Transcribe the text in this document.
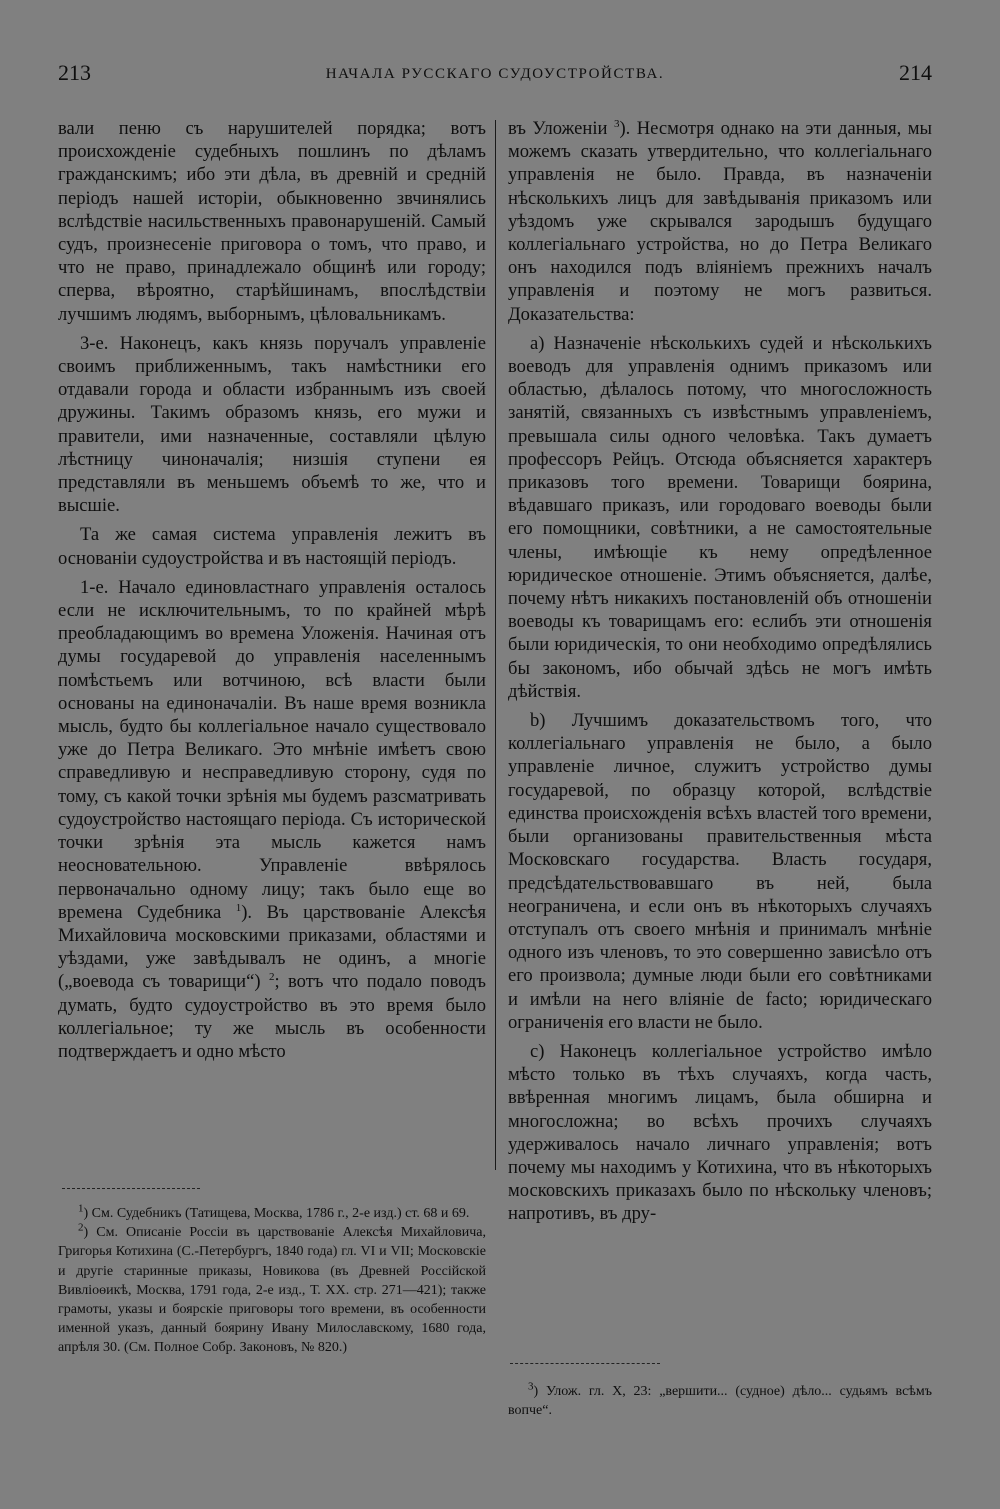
213	НАЧАЛА РУССКАГО СУДОУСТРОЙСТВА.	214

вали пеню съ нарушителей порядка; вотъ происхожденіе судебныхъ пошлинъ по дѣламъ гражданскимъ; ибо эти дѣла, въ древній и средній періодъ нашей исторіи, обыкновенно звчинялись вслѣдствіе насильственныхъ правонарушеній. Самый судъ, произнесеніе приговора о томъ, что право, и что не право, принадлежало общинѣ или городу; сперва, вѣроятно, старѣйшинамъ, впослѣдствіи лучшимъ людямъ, выборнымъ, цѣловальникамъ.

3-е. Наконецъ, какъ князь поручалъ управленіе своимъ приближеннымъ, такъ намѣстники его отдавали города и области избраннымъ изъ своей дружины. Такимъ образомъ князь, его мужи и правители, ими назначенные, составляли цѣлую лѣстницу чиноначалія; низшія ступени ея представляли въ меньшемъ объемѣ то же, что и высшіе.

Та же самая система управленія лежитъ въ основаніи судоустройства и въ настоящій періодъ.

1-е. Начало единовластнаго управленія осталось если не исключительнымъ, то по крайней мѣрѣ преобладающимъ во времена Уложенія. Начиная отъ думы государевой до управленія населеннымъ помѣстьемъ или вотчиною, всѣ власти были основаны на единоначаліи. Въ наше время возникла мысль, будто бы коллегіальное начало существовало уже до Петра Великаго. Это мнѣніе имѣетъ свою справедливую и несправедливую сторону, судя по тому, съ какой точки зрѣнія мы будемъ разсматривать судоустройство настоящаго періода. Съ исторической точки зрѣнія эта мысль кажется намъ неосновательною. Управленіе ввѣрялось первоначально одному лицу; такъ было еще во времена Судебника $^1$). Въ царствованіе Алексѣя Михайловича московскими приказами, областями и уѣздами, уже завѣдывалъ не одинъ, а многіе („воевода съ товарищи“) $^2$; вотъ что подало поводъ думать, будто судоустройство въ это время было коллегіальное; ту же мысль въ особенности подтверждаетъ и одно мѣсто

въ Уложеніи $^3$). Несмотря однако на эти данныя, мы можемъ сказать утвердительно, что коллегіальнаго управленія не было. Правда, въ назначеніи нѣсколькихъ лицъ для завѣдыванія приказомъ или уѣздомъ уже скрывался зародышъ будущаго коллегіальнаго устройства, но до Петра Великаго онъ находился подъ вліяніемъ прежнихъ началъ управленія и поэтому не могъ развиться. Доказательства:

a) Назначеніе нѣсколькихъ судей и нѣсколькихъ воеводъ для управленія однимъ приказомъ или областью, дѣлалось потому, что многосложность занятій, связанныхъ съ извѣстнымъ управленіемъ, превышала силы одного человѣка. Такъ думаетъ профессоръ Рейцъ. Отсюда объясняется характеръ приказовъ того времени. Товарищи боярина, вѣдавшаго приказъ, или городоваго воеводы были его помощники, совѣтники, а не самостоятельные члены, имѣющіе къ нему опредѣленное юридическое отношеніе. Этимъ объясняется, далѣе, почему нѣтъ никакихъ постановленій объ отношеніи воеводы къ товарищамъ его: еслибъ эти отношенія были юридическія, то они необходимо опредѣлялись бы закономъ, ибо обычай здѣсь не могъ имѣть дѣйствія.

b) Лучшимъ доказательствомъ того, что коллегіальнаго управленія не было, а было управленіе личное, служитъ устройство думы государевой, по образцу которой, вслѣдствіе единства происхожденія всѣхъ властей того времени, были организованы правительственныя мѣста Московскаго государства. Власть государя, предсѣдательствовавшаго въ ней, была неограничена, и если онъ въ нѣкоторыхъ случаяхъ отступалъ отъ своего мнѣнія и принималъ мнѣніе одного изъ членовъ, то это совершенно зависѣло отъ его произвола; думные люди были его совѣтниками и имѣли на него вліяніе de facto; юридическаго ограниченія его власти не было.

c) Наконецъ коллегіальное устройство имѣло мѣсто только въ тѣхъ случаяхъ, когда часть, ввѣренная многимъ лицамъ, была обширна и многосложна; во всѣхъ прочихъ случаяхъ удерживалось начало личнаго управленія; вотъ почему мы находимъ у Котихина, что въ нѣкоторыхъ московскихъ приказахъ было по нѣскольку членовъ; напротивъ, въ дру-

$^1$) См. Судебникъ (Татищева, Москва, 1786 г., 2-е изд.) ст. 68 и 69.

$^2$) См. Описаніе Россіи въ царствованіе Алексѣя Михайловича, Григорья Котихина (С.-Петербургъ, 1840 года) гл. VI и VII; Московскіе и другіе старинные приказы, Новикова (въ Древней Россійской Вивліоѳикѣ, Москва, 1791 года, 2-е изд., Т. XX. стр. 271—421); также грамоты, указы и боярскіе приговоры того времени, въ особенности именной указъ, данный боярину Ивану Милославскому, 1680 года, апрѣля 30. (См. Полное Собр. Законовъ, № 820.)

$^3$) Улож. гл. X, 23: „вершити... (судное) дѣло... судьямъ всѣмъ вопче“.
